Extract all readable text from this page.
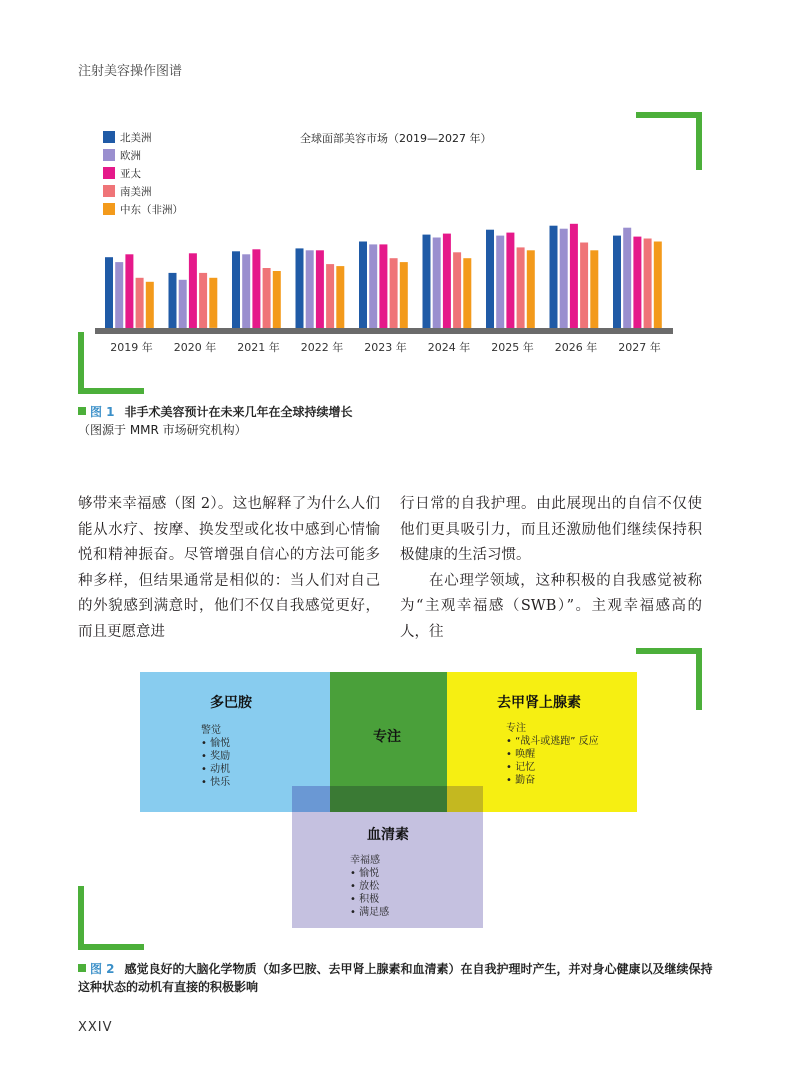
注射美容操作图谱
北美洲
欧洲
亚太
南美洲
中东（非洲）
全球面部美容市场（2019—2027 年）
2019 年 2020 年 2021 年 2022 年 2023 年 2024 年 2025 年 2026 年 2027 年
图 1 非手术美容预计在未来几年在全球持续增长
（图源于 MMR 市场研究机构）
够带来幸福感（图 2）。这也解释了为什么人们能从水疗、按摩、换发型或化妆中感到心情愉悦和精神振奋。尽管增强自信心的方法可能多种多样，但结果通常是相似的：当人们对自己的外貌感到满意时，他们不仅自我感觉更好，而且更愿意进
行日常的自我护理。由此展现出的自信不仅使他们更具吸引力，而且还激励他们继续保持积极健康的生活习惯。
在心理学领域，这种积极的自我感觉被称为“主观幸福感（SWB）”。主观幸福感高的人，往
多巴胺
警觉
• 愉悦
• 奖励
• 动机
• 快乐
专注
去甲肾上腺素
专注
• “战斗或逃跑” 反应
• 唤醒
• 记忆
• 勤奋
血清素
幸福感
• 愉悦
• 放松
• 积极
• 满足感
图 2 感觉良好的大脑化学物质（如多巴胺、去甲肾上腺素和血清素）在自我护理时产生，并对身心健康以及继续保持这种状态的动机有直接的积极影响
XXIV
